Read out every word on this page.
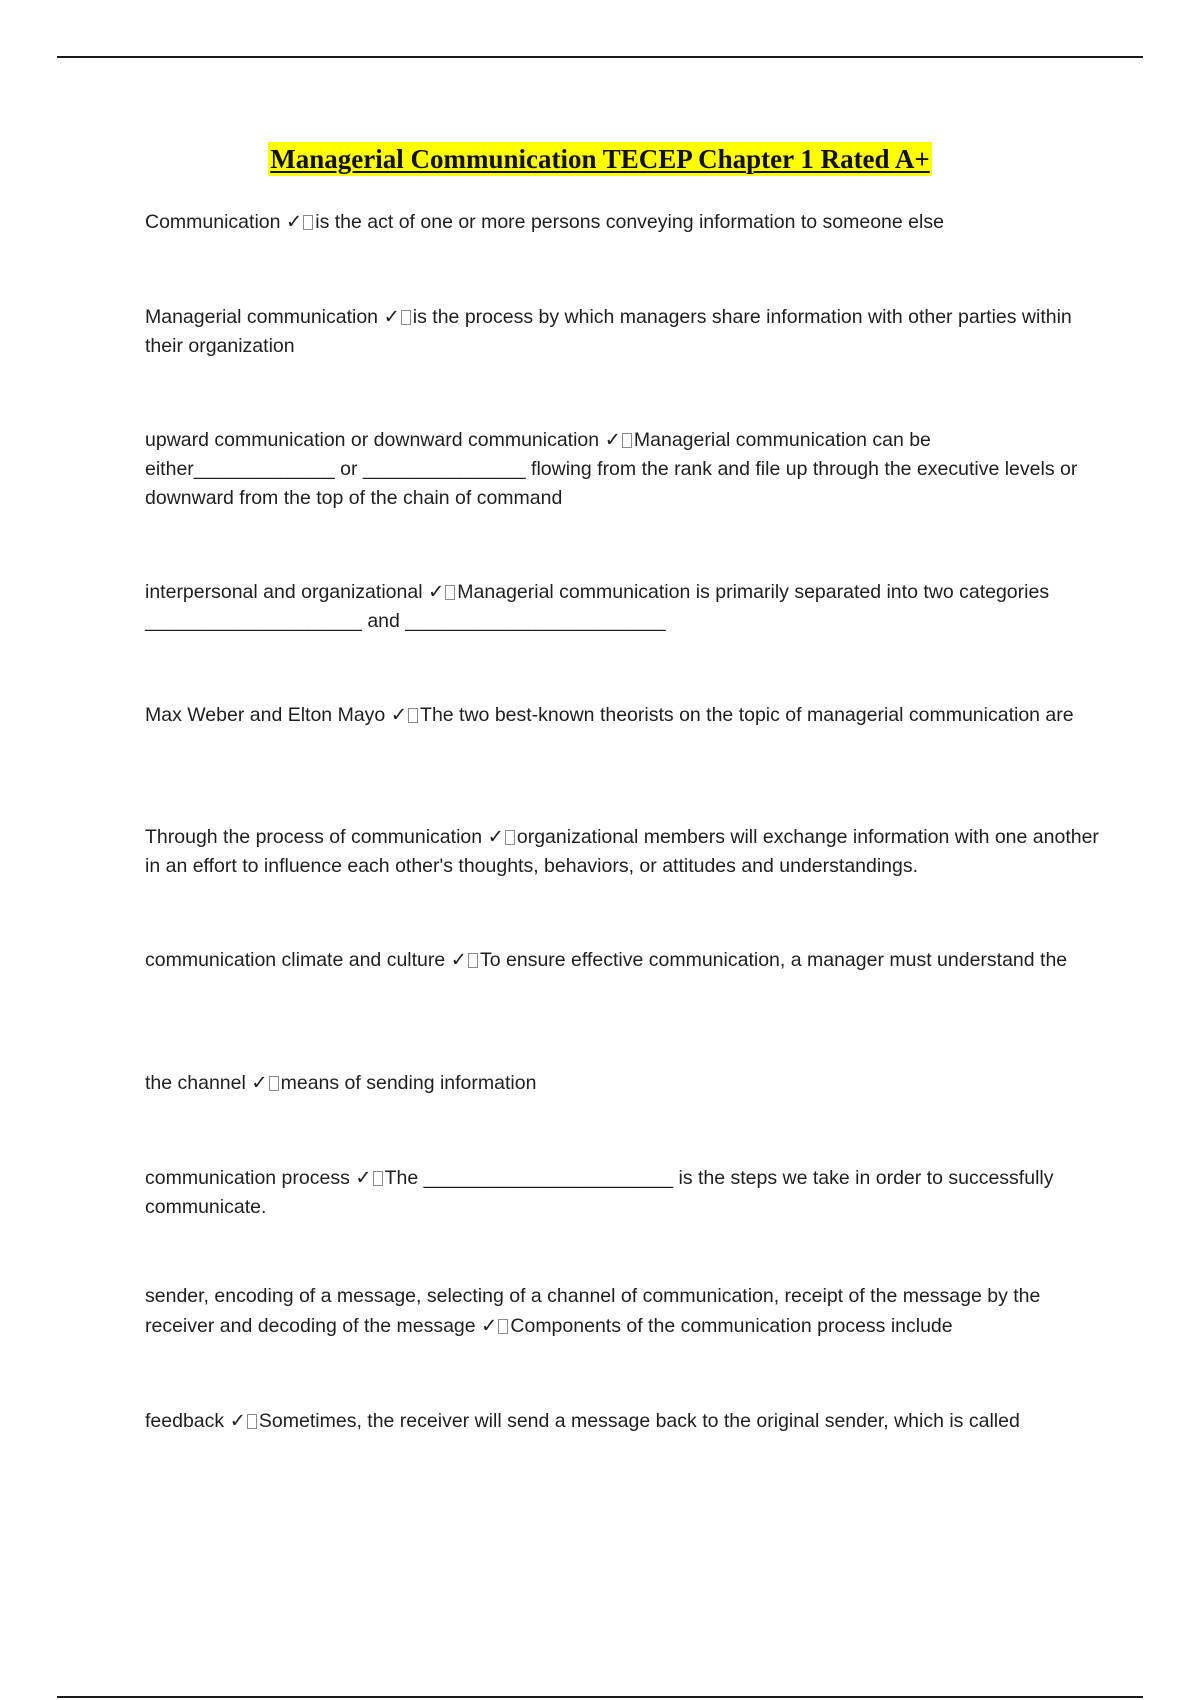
Managerial Communication TECEP Chapter 1 Rated A+
Communication ✓ is the act of one or more persons conveying information to someone else
Managerial communication ✓ is the process by which managers share information with other parties within their organization
upward communication or downward communication ✓ Managerial communication can be either_____________ or _______________ flowing from the rank and file up through the executive levels or downward from the top of the chain of command
interpersonal and organizational ✓ Managerial communication is primarily separated into two categories ____________________ and ________________________
Max Weber and Elton Mayo ✓ The two best-known theorists on the topic of managerial communication are
Through the process of communication ✓ organizational members will exchange information with one another in an effort to influence each other's thoughts, behaviors, or attitudes and understandings.
communication climate and culture ✓ To ensure effective communication, a manager must understand the
the channel ✓ means of sending information
communication process ✓ The _______________________ is the steps we take in order to successfully communicate.
sender, encoding of a message, selecting of a channel of communication, receipt of the message by the receiver and decoding of the message ✓ Components of the communication process include
feedback ✓ Sometimes, the receiver will send a message back to the original sender, which is called
